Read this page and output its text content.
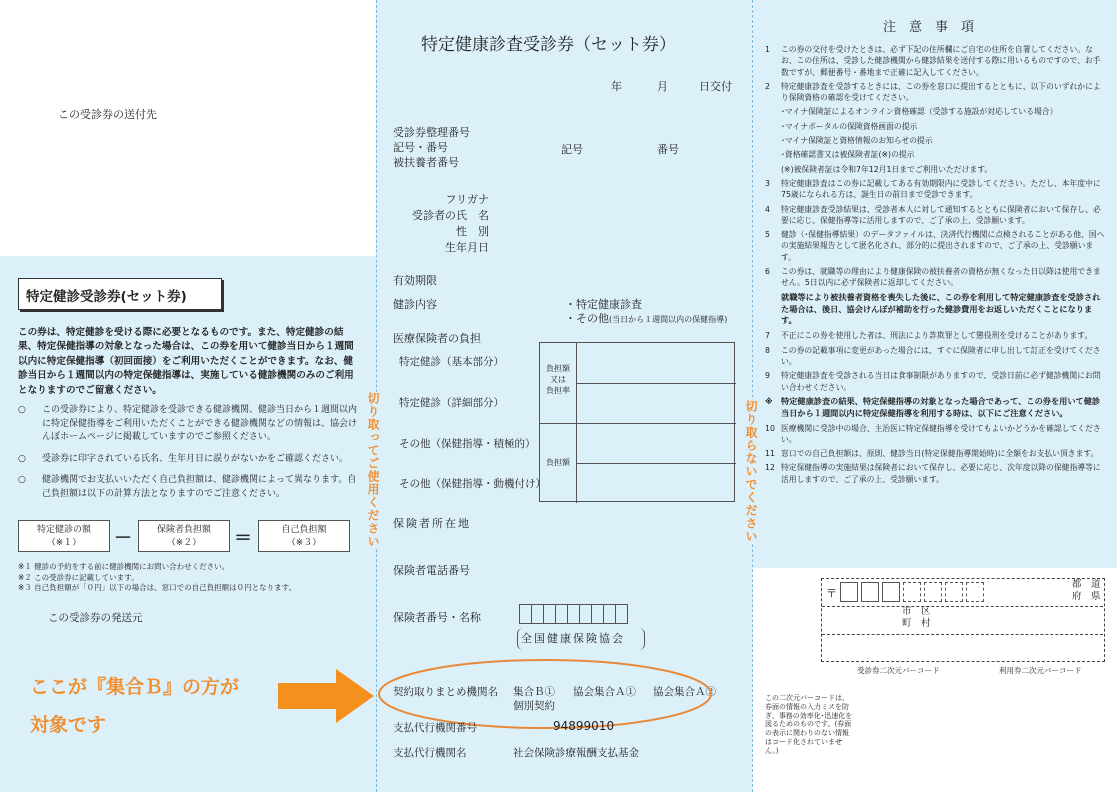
この受診券の送付先
特定健診受診券(セット券)
この券は、特定健診を受ける際に必要となるものです。また、特定健診の結果、特定保健指導の対象となった場合は、この券を用いて健診当日から１週間以内に特定保健指導（初回面接）をご利用いただくことができます。なお、健診当日から１週間以内の特定保健指導は、実施している健診機関のみのご利用となりますのでご留意ください。
○	この受診券により、特定健診を受診できる健診機関、健診当日から１週間以内に特定保健指導をご利用いただくことができる健診機関などの情報は、協会けんぽホームページに掲載していますのでご参照ください。
○	受診券に印字されている氏名、生年月日に誤りがないかをご確認ください。
○	健診機関でお支払いいただく自己負担額は、健診機関によって異なります。自己負担額は以下の計算方法となりますのでご注意ください。
特定健診の額
（※１）	－	保険者負担額
（※２）	＝	自己負担額
（※３）
※１ 健診の予約をする前に健診機関にお問い合わせください。
※２ この受診券に記載しています。
※３ 自己負担額が「０円」以下の場合は、窓口での自己負担額は０円となります。
この受診券の発送元
ここが『集合Ｂ』の方が
対象です
特定健康診査受診券（セット券）
年	月	日交付
受診券整理番号
記号・番号
被扶養者番号
記号	番号
フリガナ
受診者の氏　名
性　別
生年月日
有効期限
健診内容	・特定健康診査
・その他(当日から１週間以内の保健指導)
医療保険者の負担
特定健診（基本部分）
特定健診（詳細部分）
その他（保健指導・積極的）
その他（保健指導・動機付け）
負担額
又は
負担率
負担額
保険者所在地
保険者電話番号
保険者番号・名称
全国健康保険協会
契約取りまとめ機関名 集合Ｂ① 協会集合Ａ① 協会集合Ａ②
個別契約
支払代行機関番号	94899010
支払代行機関名	社会保険診療報酬支払基金
切り取ってご使用ください
注　意　事　項
1	この券の交付を受けたときは、必ず下記の住所欄にご自宅の住所を自署してください。なお、この住所は、受診した健診機関から健診結果を送付する際に用いるものですので、お手数ですが、郵便番号・番地まで正確に記入してください。
2	特定健康診査を受診するときには、この券を窓口に提出するとともに、以下のいずれかにより保険資格の確認を受けてください。
･マイナ保険証によるオンライン資格確認（受診する施設が対応している場合）
･マイナポータルの保険資格画面の提示
･マイナ保険証と資格情報のお知らせの提示
･資格確認書又は被保険者証(※)の提示
(※)被保険者証は令和7年12月1日までご利用いただけます。
3	特定健康診査はこの券に記載してある有効期限内に受診してください。ただし、本年度中に75歳になられる方は、誕生日の前日まで受診できます。
4	特定健康診査受診結果は、受診者本人に対して通知するとともに保険者において保存し、必要に応じ、保健指導等に活用しますので、ご了承の上、受診願います。
5	健診（･保健指導結果）のデータファイルは、決済代行機関に点検されることがある他、国への実施結果報告として匿名化され、部分的に提出されますので、ご了承の上、受診願います。
6	この券は、就職等の理由により健康保険の被扶養者の資格が無くなった日以降は使用できません。5日以内に必ず保険者に返却してください。
就職等により被扶養者資格を喪失した後に、この券を利用して特定健康診査を受診された場合は、後日、協会けんぽが補助を行った健診費用をお返しいただくことになります。
7	不正にこの券を使用した者は、刑法により詐欺罪として懲役刑を受けることがあります。
8	この券の記載事項に変更があった場合には、すぐに保険者に申し出して訂正を受けてください。
9	特定健康診査を受診される当日は食事制限がありますので、受診日前に必ず健診機関にお問い合わせください。
※	特定健康診査の結果、特定保健指導の対象となった場合であって、この券を用いて健診当日から１週間以内に特定保健指導を利用する時は、以下にご注意ください。
10 医療機関に受診中の場合、主治医に特定保健指導を受けてもよいかどうかを確認してください。
11 窓口での自己負担額は、原則、健診当日(特定保健指導開始時)に全額をお支払い頂きます。
12 特定保健指導の実施結果は保険者において保存し、必要に応じ、次年度以降の保健指導等に活用しますので、ご了承の上、受診願います。
〒
都　道
府　県
市　区
町　村
受診券二次元バーコード	利用券二次元バーコード
この二次元バーコードは、券面の情報の入力ミスを防ぎ、事務の効率化･迅速化を図るためのものです。(券面の表示に関わりのない情報はコード化されていません。)
切り取らないでください
